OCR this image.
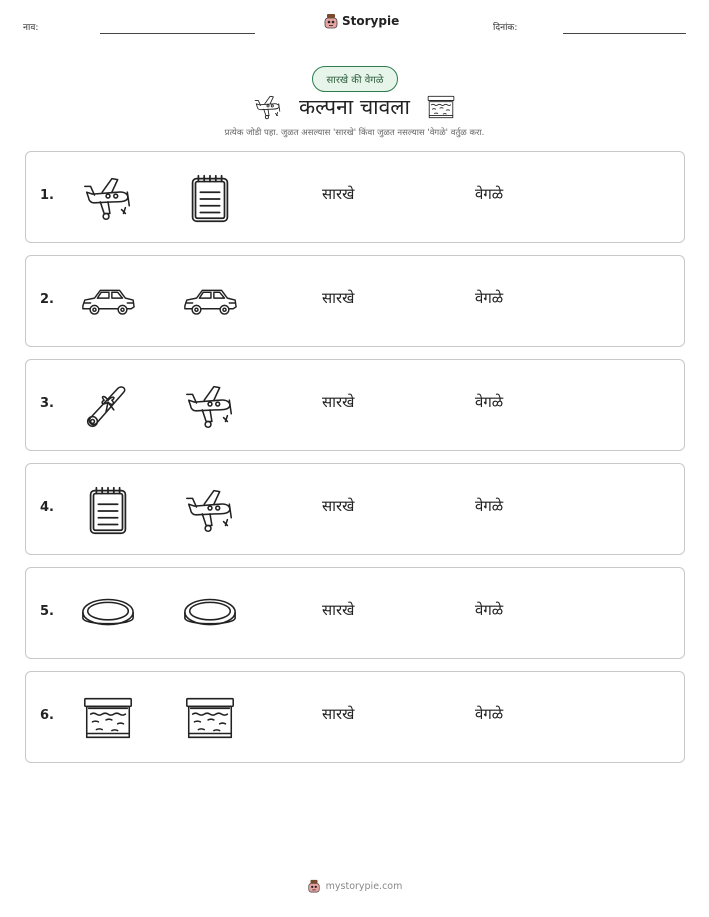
नाव:	Storypie	दिनांक:
सारखे की वेगळे
कल्पना चावला
प्रत्येक जोडी पहा. जुळत असल्यास 'सारखे' किंवा जुळत नसल्यास 'वेगळे' वर्तुळ करा.
1.	सारखे	वेगळे
2.	सारखे	वेगळे
3.	सारखे	वेगळे
4.	सारखे	वेगळे
5.	सारखे	वेगळे
6.	सारखे	वेगळे
mystorypie.com
